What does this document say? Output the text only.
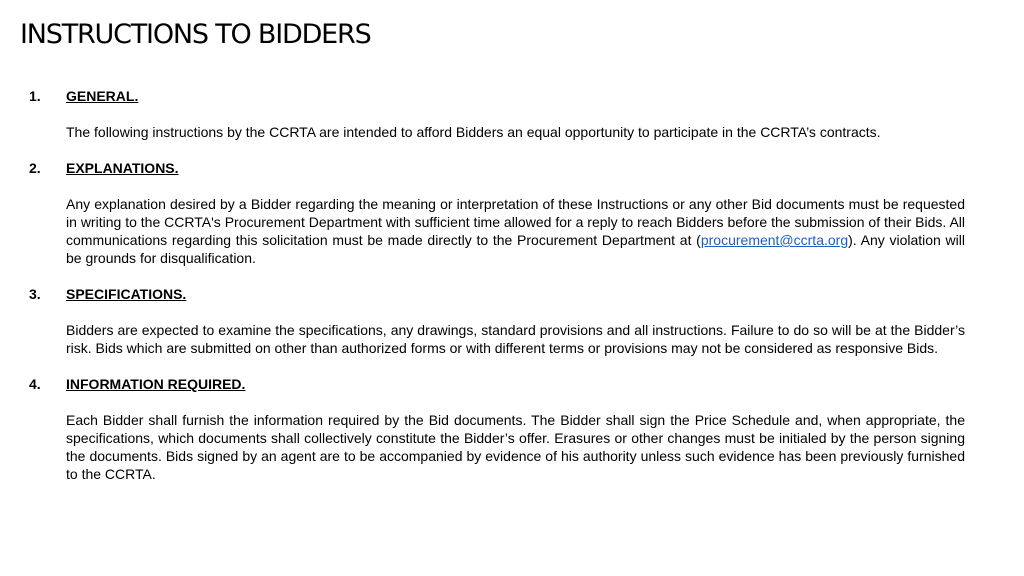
INSTRUCTIONS TO BIDDERS
1.	GENERAL.

The following instructions by the CCRTA are intended to afford Bidders an equal opportunity to participate in the CCRTA’s contracts.

2.	EXPLANATIONS.

Any explanation desired by a Bidder regarding the meaning or interpretation of these Instructions or any other Bid documents must be requested in writing to the CCRTA's Procurement Department with sufficient time allowed for a reply to reach Bidders before the submission of their Bids. All communications regarding this solicitation must be made directly to the Procurement Department at (procurement@ccrta.org). Any violation will be grounds for disqualification.

3.	SPECIFICATIONS.

Bidders are expected to examine the specifications, any drawings, standard provisions and all instructions. Failure to do so will be at the Bidder’s risk. Bids which are submitted on other than authorized forms or with different terms or provisions may not be considered as responsive Bids.

4.	INFORMATION REQUIRED.

Each Bidder shall furnish the information required by the Bid documents. The Bidder shall sign the Price Schedule and, when appropriate, the specifications, which documents shall collectively constitute the Bidder’s offer. Erasures or other changes must be initialed by the person signing the documents. Bids signed by an agent are to be accompanied by evidence of his authority unless such evidence has been previously furnished to the CCRTA.
